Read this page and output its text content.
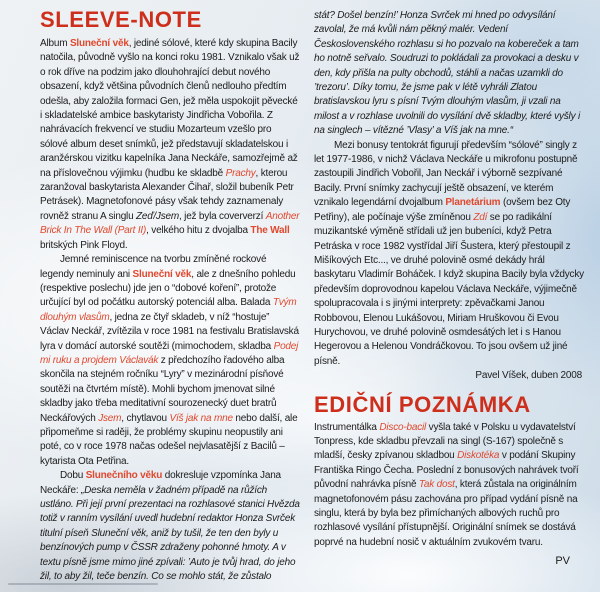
SLEEVE-NOTE

Album Sluneční věk, jediné sólové, které kdy skupina Bacily natočila, původně vyšlo na konci roku 1981. Vznikalo však už o rok dříve na podzim jako dlouhohrající debut nového obsazení, když většina původních členů nedlouho předtím odešla, aby založila formaci Gen, jež měla uspokojit pěvecké i skladatelské ambice baskytaristy Jindřicha Vobořila. Z nahrávacích frekvencí ve studiu Mozarteum vzešlo pro sólové album deset snímků, jež představují skladatelskou i aranžérskou vizitku kapelníka Jana Neckáře, samozřejmě až na příslovečnou výjimku (hudbu ke skladbě Prachy, kterou zaranžoval baskytarista Alexander Čihař, složil bubeník Petr Petrásek). Magnetofonové pásy však tehdy zaznamenaly rovněž stranu A singlu Zeď/Jsem, jež byla coververzí Another Brick In The Wall (Part II), velkého hitu z dvojalba The Wall britských Pink Floyd.

Jemné reminiscence na tvorbu zmíněné rockové legendy neminuly ani Sluneční věk, ale z dnešního pohledu (respektive poslechu) jde jen o “dobové koření”, protože určující byl od počátku autorský potenciál alba. Balada Tvým dlouhým vlasům, jedna ze čtyř skladeb, v níž “hostuje” Václav Neckář, zvítězila v roce 1981 na festivalu Bratislavská lyra v domácí autorské soutěži (mimochodem, skladba Podej mi ruku a projdem Václavák z předchozího řadového alba skončila na stejném ročníku “Lyry” v mezinárodní písňové soutěži na čtvrtém místě). Mohli bychom jmenovat silné skladby jako třeba meditativní sourozenecký duet bratrů Neckářových Jsem, chytlavou Víš jak na mne nebo další, ale připomeňme si raději, že problémy skupinu neopustily ani poté, co v roce 1978 načas odešel nejvlasatější z Bacilů – kytarista Ota Petřina.

Dobu Slunečního věku dokresluje vzpomínka Jana Neckáře: „Deska neměla v žadném případě na růžích ustláno. Při její první prezentaci na rozhlasové stanici Hvězda totiž v ranním vysílání uvedl hudební redaktor Honza Svrček titulní píseň Sluneční věk, aniž by tušil, že ten den byly u benzínových pump v ČSSR zdraženy pohonné hmoty. A v textu písně jsme mimo jiné zpívali: ’Auto je tvůj hrad, do jeho žil, to aby žil, teče benzín. Co se mohlo stát, že zůstalo

stát? Došel benzín!’ Honza Svrček mi hned po odvysílání zavolal, že má kvůli nám pěkný malér. Vedení Československého rozhlasu si ho pozvalo na kobereček a tam ho notně seřvalo. Soudruzi to pokládali za provokaci a desku v den, kdy přišla na pulty obchodů, stáhli a načas uzamkli do ’trezoru’. Díky tomu, že jsme pak v létě vyhráli Zlatou bratislavskou lyru s písní Tvým dlouhým vlasům, ji vzali na milost a v rozhlase uvolnili do vysílání dvě skladby, které vyšly i na singlech – vítězné ’Vlasy’ a Víš jak na mne.“

Mezi bonusy tentokrát figurují především “sólové” singly z let 1977-1986, v nichž Václava Neckáře u mikrofonu postupně zastoupili Jindřich Vobořil, Jan Neckář i výborně sezpívané Bacily. První snímky zachycují ještě obsazení, ve kterém vznikalo legendární dvojalbum Planetárium (ovšem bez Oty Petřiny), ale počínaje výše zmíněnou Zdí se po radikální muzikantské výměně střídali už jen bubeníci, když Petra Petráska v roce 1982 vystřídal Jiří Šustera, který přestoupil z Mišíkových Etc..., ve druhé polovině osmé dekády hrál baskytaru Vladimír Boháček. I když skupina Bacily byla vždycky především doprovodnou kapelou Václava Neckáře, výjimečně spolupracovala i s jinými interprety: zpěvačkami Janou Robbovou, Elenou Lukášovou, Miriam Hruškovou či Evou Hurychovou, ve druhé polovině osmdesátých let i s Hanou Hegerovou a Helenou Vondráčkovou. To jsou ovšem už jiné písně.

Pavel Víšek, duben 2008
EDIČNÍ POZNÁMKA

Instrumentálka Disco-bacil vyšla také v Polsku u vydavatelství Tonpress, kde skladbu převzali na singl (S-167) společně s mladší, česky zpívanou skladbou Diskotéka v podání Skupiny Františka Ringo Čecha. Poslední z bonusových nahrávek tvoří původní nahrávka písně Tak dost, která zůstala na originálním magnetofonovém pásu zachována pro případ vydání písně na singlu, která by byla bez přimíchaných albových ruchů pro rozhlasové vysílání přístupnější. Originální snímek se dostává poprvé na hudební nosič v aktuálním zvukovém tvaru.

PV
